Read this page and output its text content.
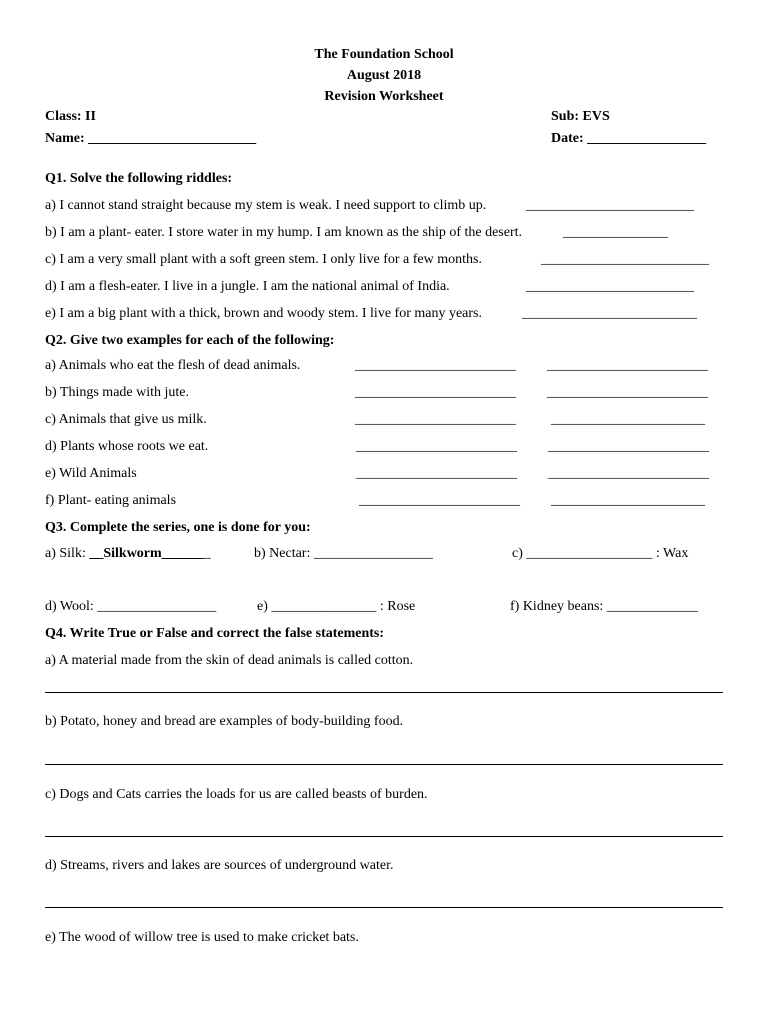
The Foundation School
August 2018
Revision Worksheet
Class: II	Sub: EVS
Name: ________________________	Date: _________________
Q1. Solve the following riddles:
a) I cannot stand straight because my stem is weak. I need support to climb up.	________________________
b) I am a plant- eater. I store water in my hump. I am known as the ship of the desert.	_______________
c) I am a very small plant with a soft green stem. I only live for a few months.	________________________
d) I am a flesh-eater. I live in a jungle. I am the national animal of India.	________________________
e) I am a big plant with a thick, brown and woody stem. I live for many years.	_________________________
Q2. Give two examples for each of the following:
a) Animals who eat the flesh of dead animals.	_______________________ _______________________
b) Things made with jute.	_______________________ _______________________
c) Animals that give us milk.	_______________________	______________________
d) Plants whose roots we eat.	_______________________ _______________________
e) Wild Animals	_______________________ _______________________
f) Plant- eating animals	_______________________ ______________________
Q3. Complete the series, one is done for you:
a) Silk: __Silkworm_______	b) Nectar: _________________	c) __________________ : Wax
d) Wool: _________________	e) _______________ : Rose	f) Kidney beans: _____________
Q4. Write True or False and correct the false statements:
a) A material made from the skin of dead animals is called cotton.
b) Potato, honey and bread are examples of body-building food.
c) Dogs and Cats carries the loads for us are called beasts of burden.
d) Streams, rivers and lakes are sources of underground water.
e) The wood of willow tree is used to make cricket bats.
